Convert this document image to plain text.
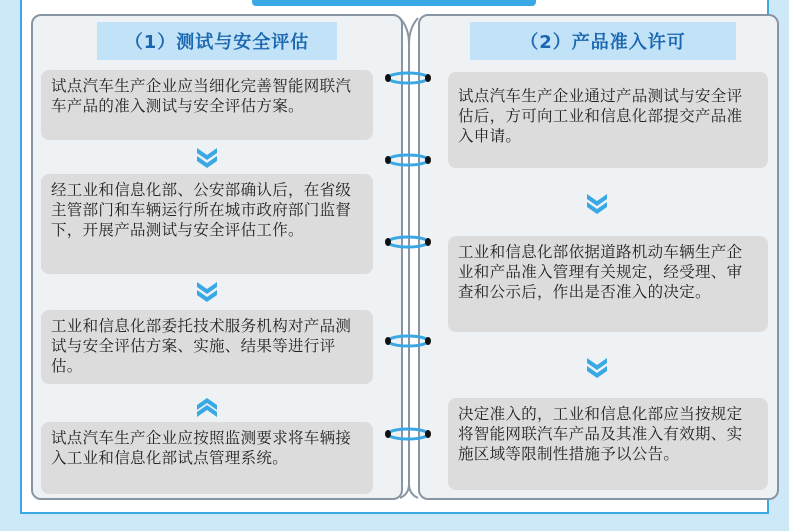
（1）测试与安全评估
试点汽车生产企业应当细化完善智能网联汽车产品的准入测试与安全评估方案。
经工业和信息化部、公安部确认后，在省级主管部门和车辆运行所在城市政府部门监督下，开展产品测试与安全评估工作。
工业和信息化部委托技术服务机构对产品测试与安全评估方案、实施、结果等进行评估。
试点汽车生产企业应按照监测要求将车辆接入工业和信息化部试点管理系统。
（2）产品准入许可
试点汽车生产企业通过产品测试与安全评估后，方可向工业和信息化部提交产品准入申请。
工业和信息化部依据道路机动车辆生产企业和产品准入管理有关规定，经受理、审查和公示后，作出是否准入的决定。
决定准入的，工业和信息化部应当按规定将智能网联汽车产品及其准入有效期、实施区域等限制性措施予以公告。
